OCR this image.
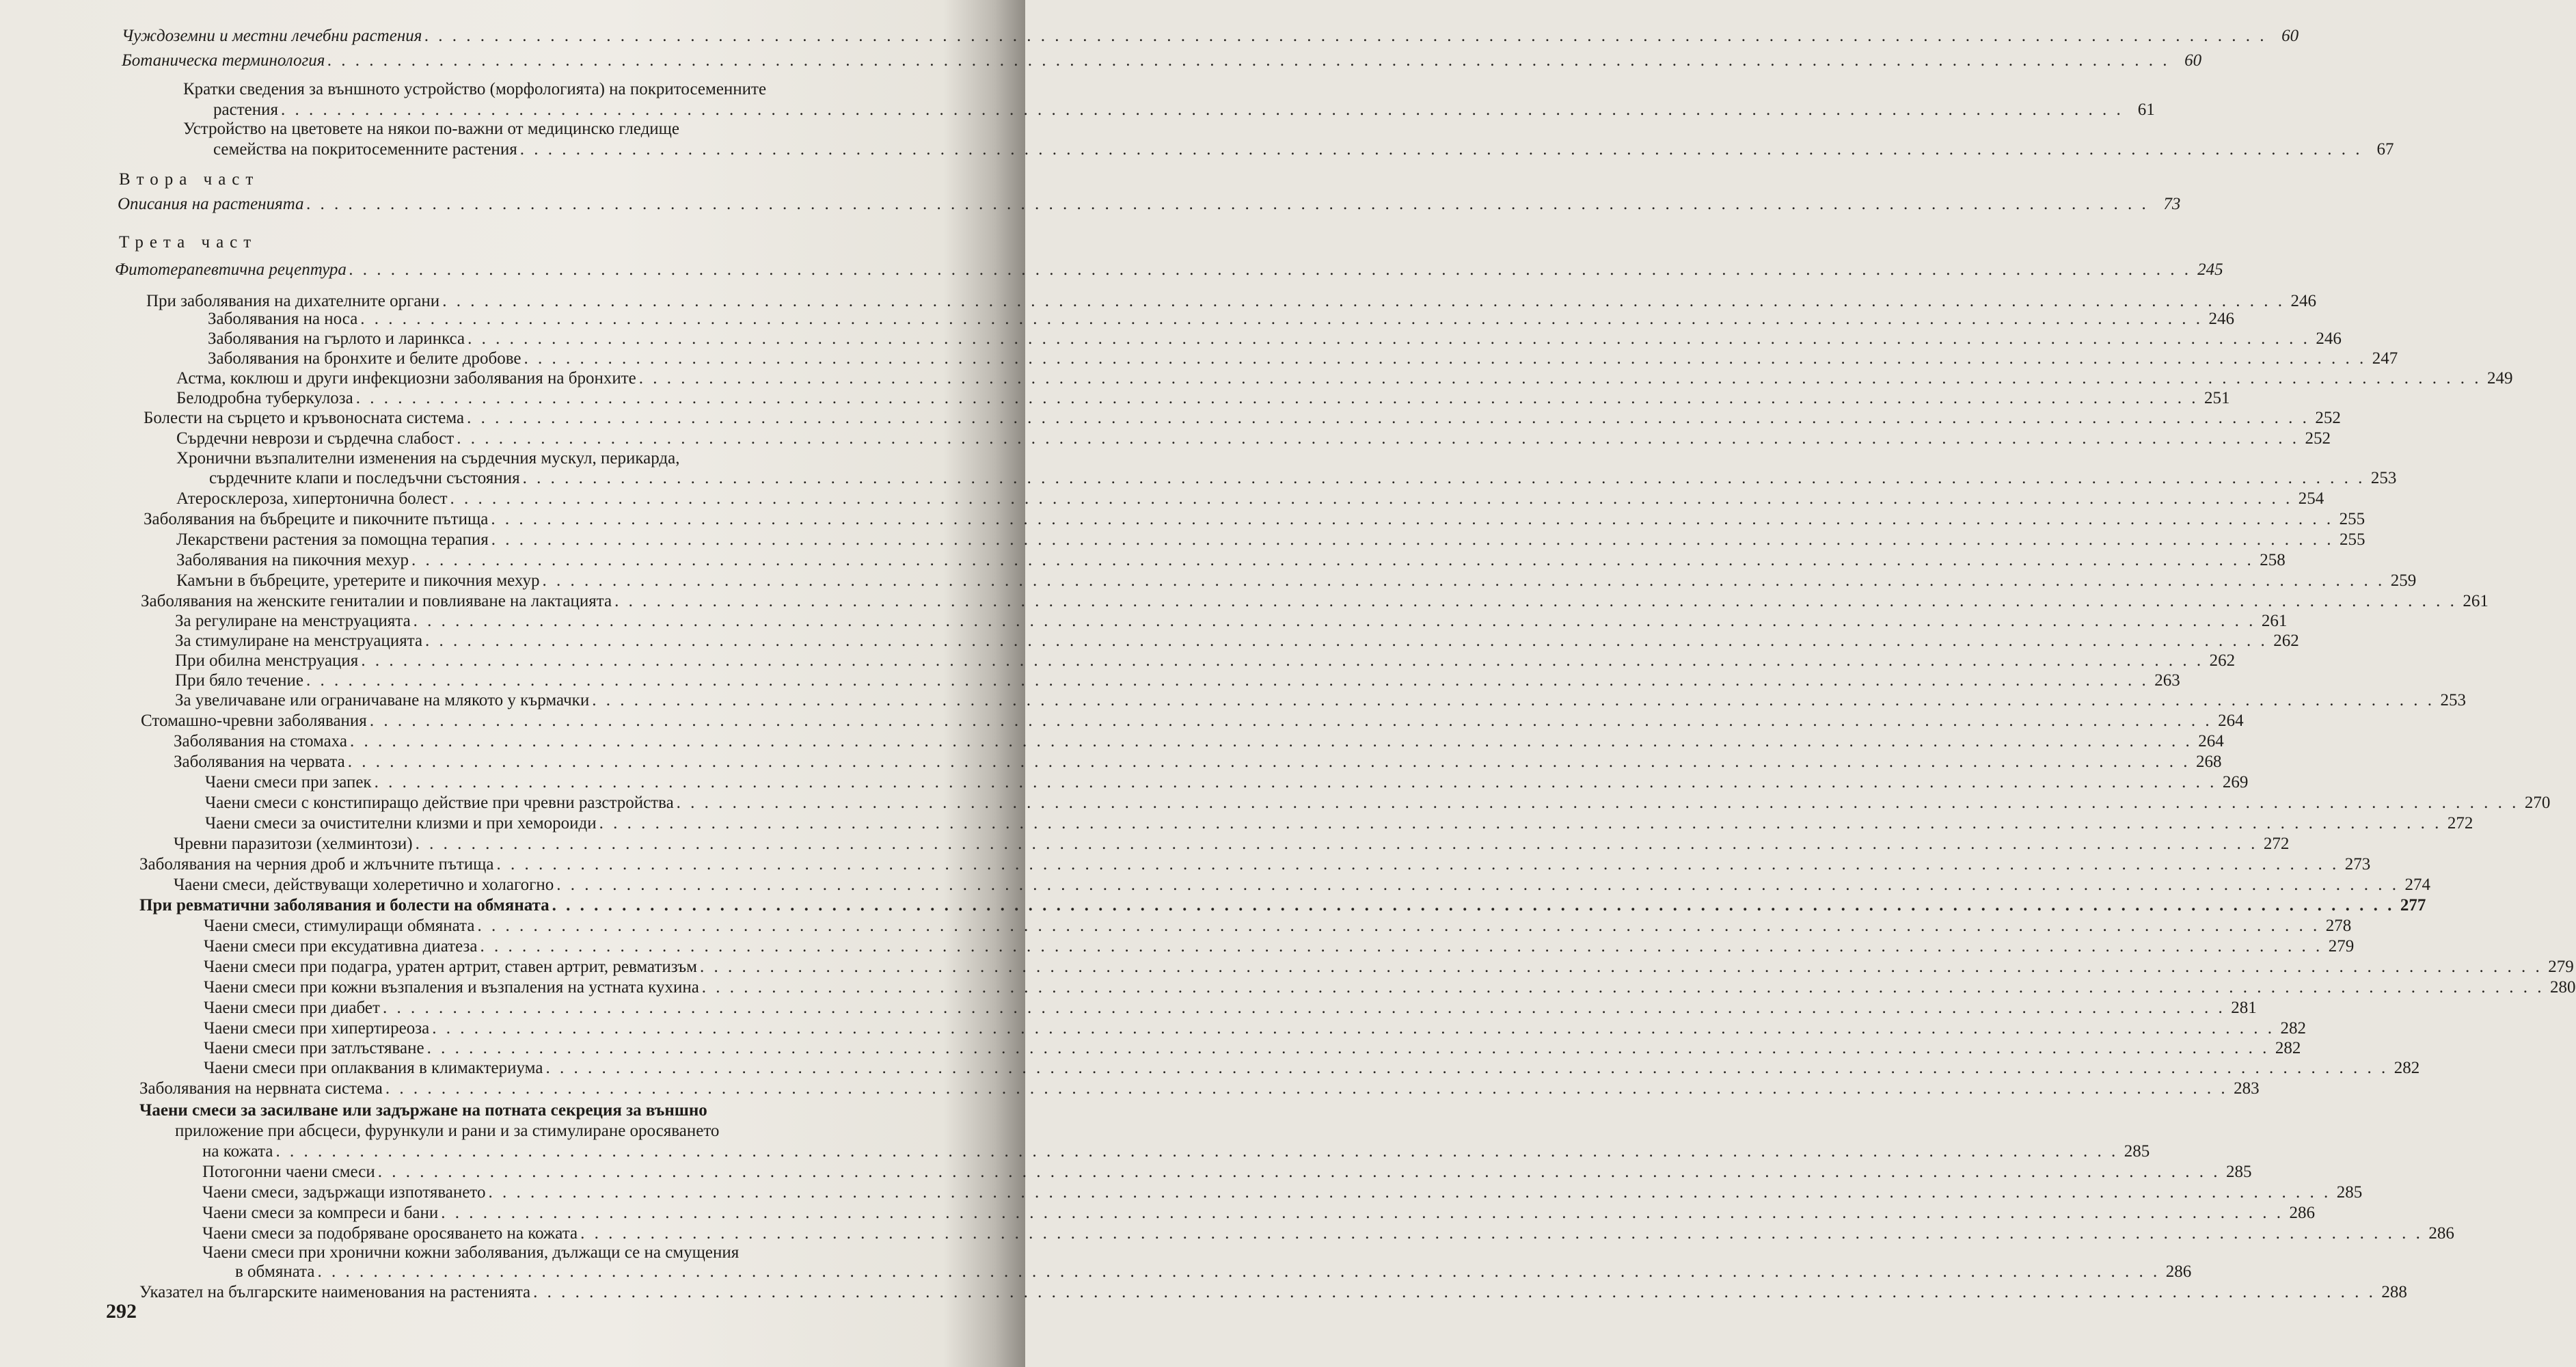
Чуждоземни и местни лечебни растения . . .	60
Ботаническа терминология . . .	60
Кратки сведения за външното устройство (морфологията) на покритосеменните
растения . . .	61
Устройство на цветовете на някои по-важни от медицинско гледище
семейства на покритосеменните растения . . .	67
Втора част
Описания на растенията . . .	73
Трета част
Фитотерапевтична рецептура . . .	245
При заболявания на дихателните органи . . .	246
Заболявания на носа . . .	246
Заболявания на гърлото и ларинкса . . .	246
Заболявания на бронхите и белите дробове . . .	247
Астма, коклюш и други инфекциозни заболявания на бронхите . . .	249
Белодробна туберкулоза . . .	251
Болести на сърцето и кръвоносната система . . .	252
Сърдечни неврози и сърдечна слабост . . .	252
Хронични възпалителни изменения на сърдечния мускул, перикарда,
сърдечните клапи и последъчни състояния . . .	253
Атеросклероза, хипертонична болест . . .	254
Заболявания на бъбреците и пикочните пътища . . .	255
Лекарствени растения за помощна терапия . . .	255
Заболявания на пикочния мехур . . .	258
Камъни в бъбреците, уретерите и пикочния мехур . . .	259
Заболявания на женските гениталии и повлияване на лактацията . . .	261
За регулиране на менструацията . . .	261
За стимулиране на менструацията . . .	262
При обилна менструация . . .	262
При бяло течение . . .	263
За увеличаване или ограничаване на млякото у кърмачки . . .	253
Стомашно-чревни заболявания . . .	264
Заболявания на стомаха . . .	264
Заболявания на червата . . .	268
Чаени смеси при запек . . .	269
Чаени смеси с констипиращо действие при чревни разстройства . . .	270
Чаени смеси за очистителни клизми и при хемороиди . . .	272
Чревни паразитози (хелминтози) . . .	272
Заболявания на черния дроб и жлъчните пътища . . .	273
Чаени смеси, действуващи холеретично и холагогно . . .	274
При ревматични заболявания и болести на обмяната . . .	277
Чаени смеси, стимулиращи обмяната . . .	278
Чаени смеси при ексудативна диатеза . . .	279
Чаени смеси при подагра, уратен артрит, ставен артрит, ревматизъм . . .	279
Чаени смеси при кожни възпаления и възпаления на устната кухина . . .	280
Чаени смеси при диабет . . .	281
Чаени смеси при хипертиреоза . . .	282
Чаени смеси при затлъстяване . . .	282
Чаени смеси при оплаквания в климактериума . . .	282
Заболявания на нервната система . . .	283
Чаени смеси за засилване или задържане на потната секреция за външно
приложение при абсцеси, фурункули и рани и за стимулиране оросяването
на кожата . . .	285
Потогонни чаени смеси . . .	285
Чаени смеси, задържащи изпотяването . . .	285
Чаени смеси за компреси и бани . . .	286
Чаени смеси за подобряване оросяването на кожата . . .	286
Чаени смеси при хронични кожни заболявания, дължащи се на смущения
в обмяната . . .	286
Указател на българските наименования на растенията . . .	288
292
